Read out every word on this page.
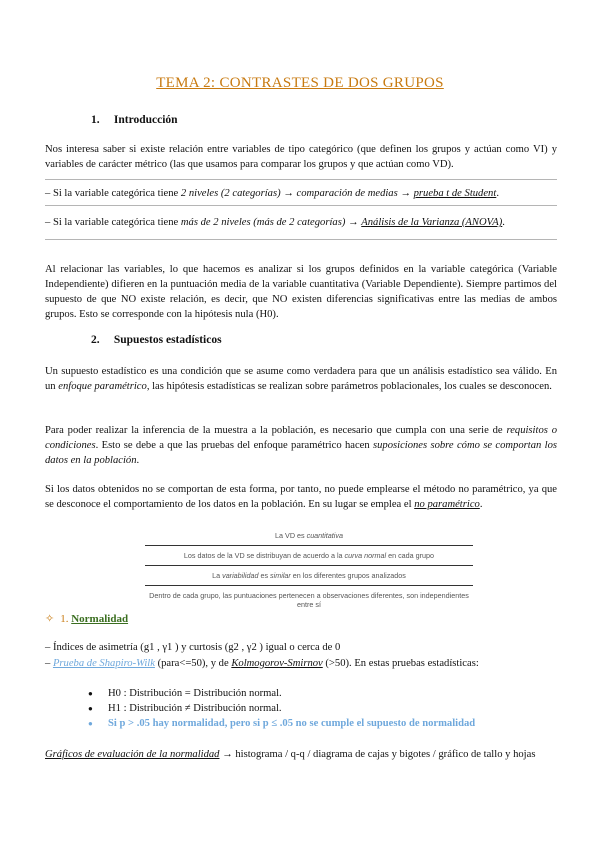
TEMA 2: CONTRASTES DE DOS GRUPOS
1. Introducción
Nos interesa saber si existe relación entre variables de tipo categórico (que definen los grupos y actúan como VI) y variables de carácter métrico (las que usamos para comparar los grupos y que actúan como VD).
– Si la variable categórica tiene 2 niveles (2 categorías) → comparación de medias → prueba t de Student.
– Si la variable categórica tiene más de 2 niveles (más de 2 categorías) → Análisis de la Varianza (ANOVA).
Al relacionar las variables, lo que hacemos es analizar si los grupos definidos en la variable categórica (Variable Independiente) difieren en la puntuación media de la variable cuantitativa (Variable Dependiente). Siempre partimos del supuesto de que NO existe relación, es decir, que NO existen diferencias significativas entre las medias de ambos grupos. Esto se corresponde con la hipótesis nula (H0).
2. Supuestos estadísticos
Un supuesto estadístico es una condición que se asume como verdadera para que un análisis estadístico sea válido. En un enfoque paramétrico, las hipótesis estadísticas se realizan sobre parámetros poblacionales, los cuales se desconocen.
Para poder realizar la inferencia de la muestra a la población, es necesario que cumpla con una serie de requisitos o condiciones. Esto se debe a que las pruebas del enfoque paramétrico hacen suposiciones sobre cómo se comportan los datos en la población.
Si los datos obtenidos no se comportan de esta forma, por tanto, no puede emplearse el método no paramétrico, ya que se desconoce el comportamiento de los datos en la población. En su lugar se emplea el no paramétrico.
La VD es cuantitativa
Los datos de la VD se distribuyan de acuerdo a la curva normal en cada grupo
La variabilidad es similar en los diferentes grupos analizados
Dentro de cada grupo, las puntuaciones pertenecen a observaciones diferentes, son independientes entre sí
✧ 1. Normalidad
– Índices de asimetría (g1 , γ1 ) y curtosis (g2 , γ2 ) igual o cerca de 0
– Prueba de Shapiro-Wilk (para<=50), y de Kolmogorov-Smirnov (>50). En estas pruebas estadísticas:
● H0 : Distribución = Distribución normal.
● H1 : Distribución ≠ Distribución normal.
● Si p > .05 hay normalidad, pero si p ≤ .05 no se cumple el supuesto de normalidad
Gráficos de evaluación de la normalidad → histograma / q-q / diagrama de cajas y bigotes / gráfico de tallo y hojas
